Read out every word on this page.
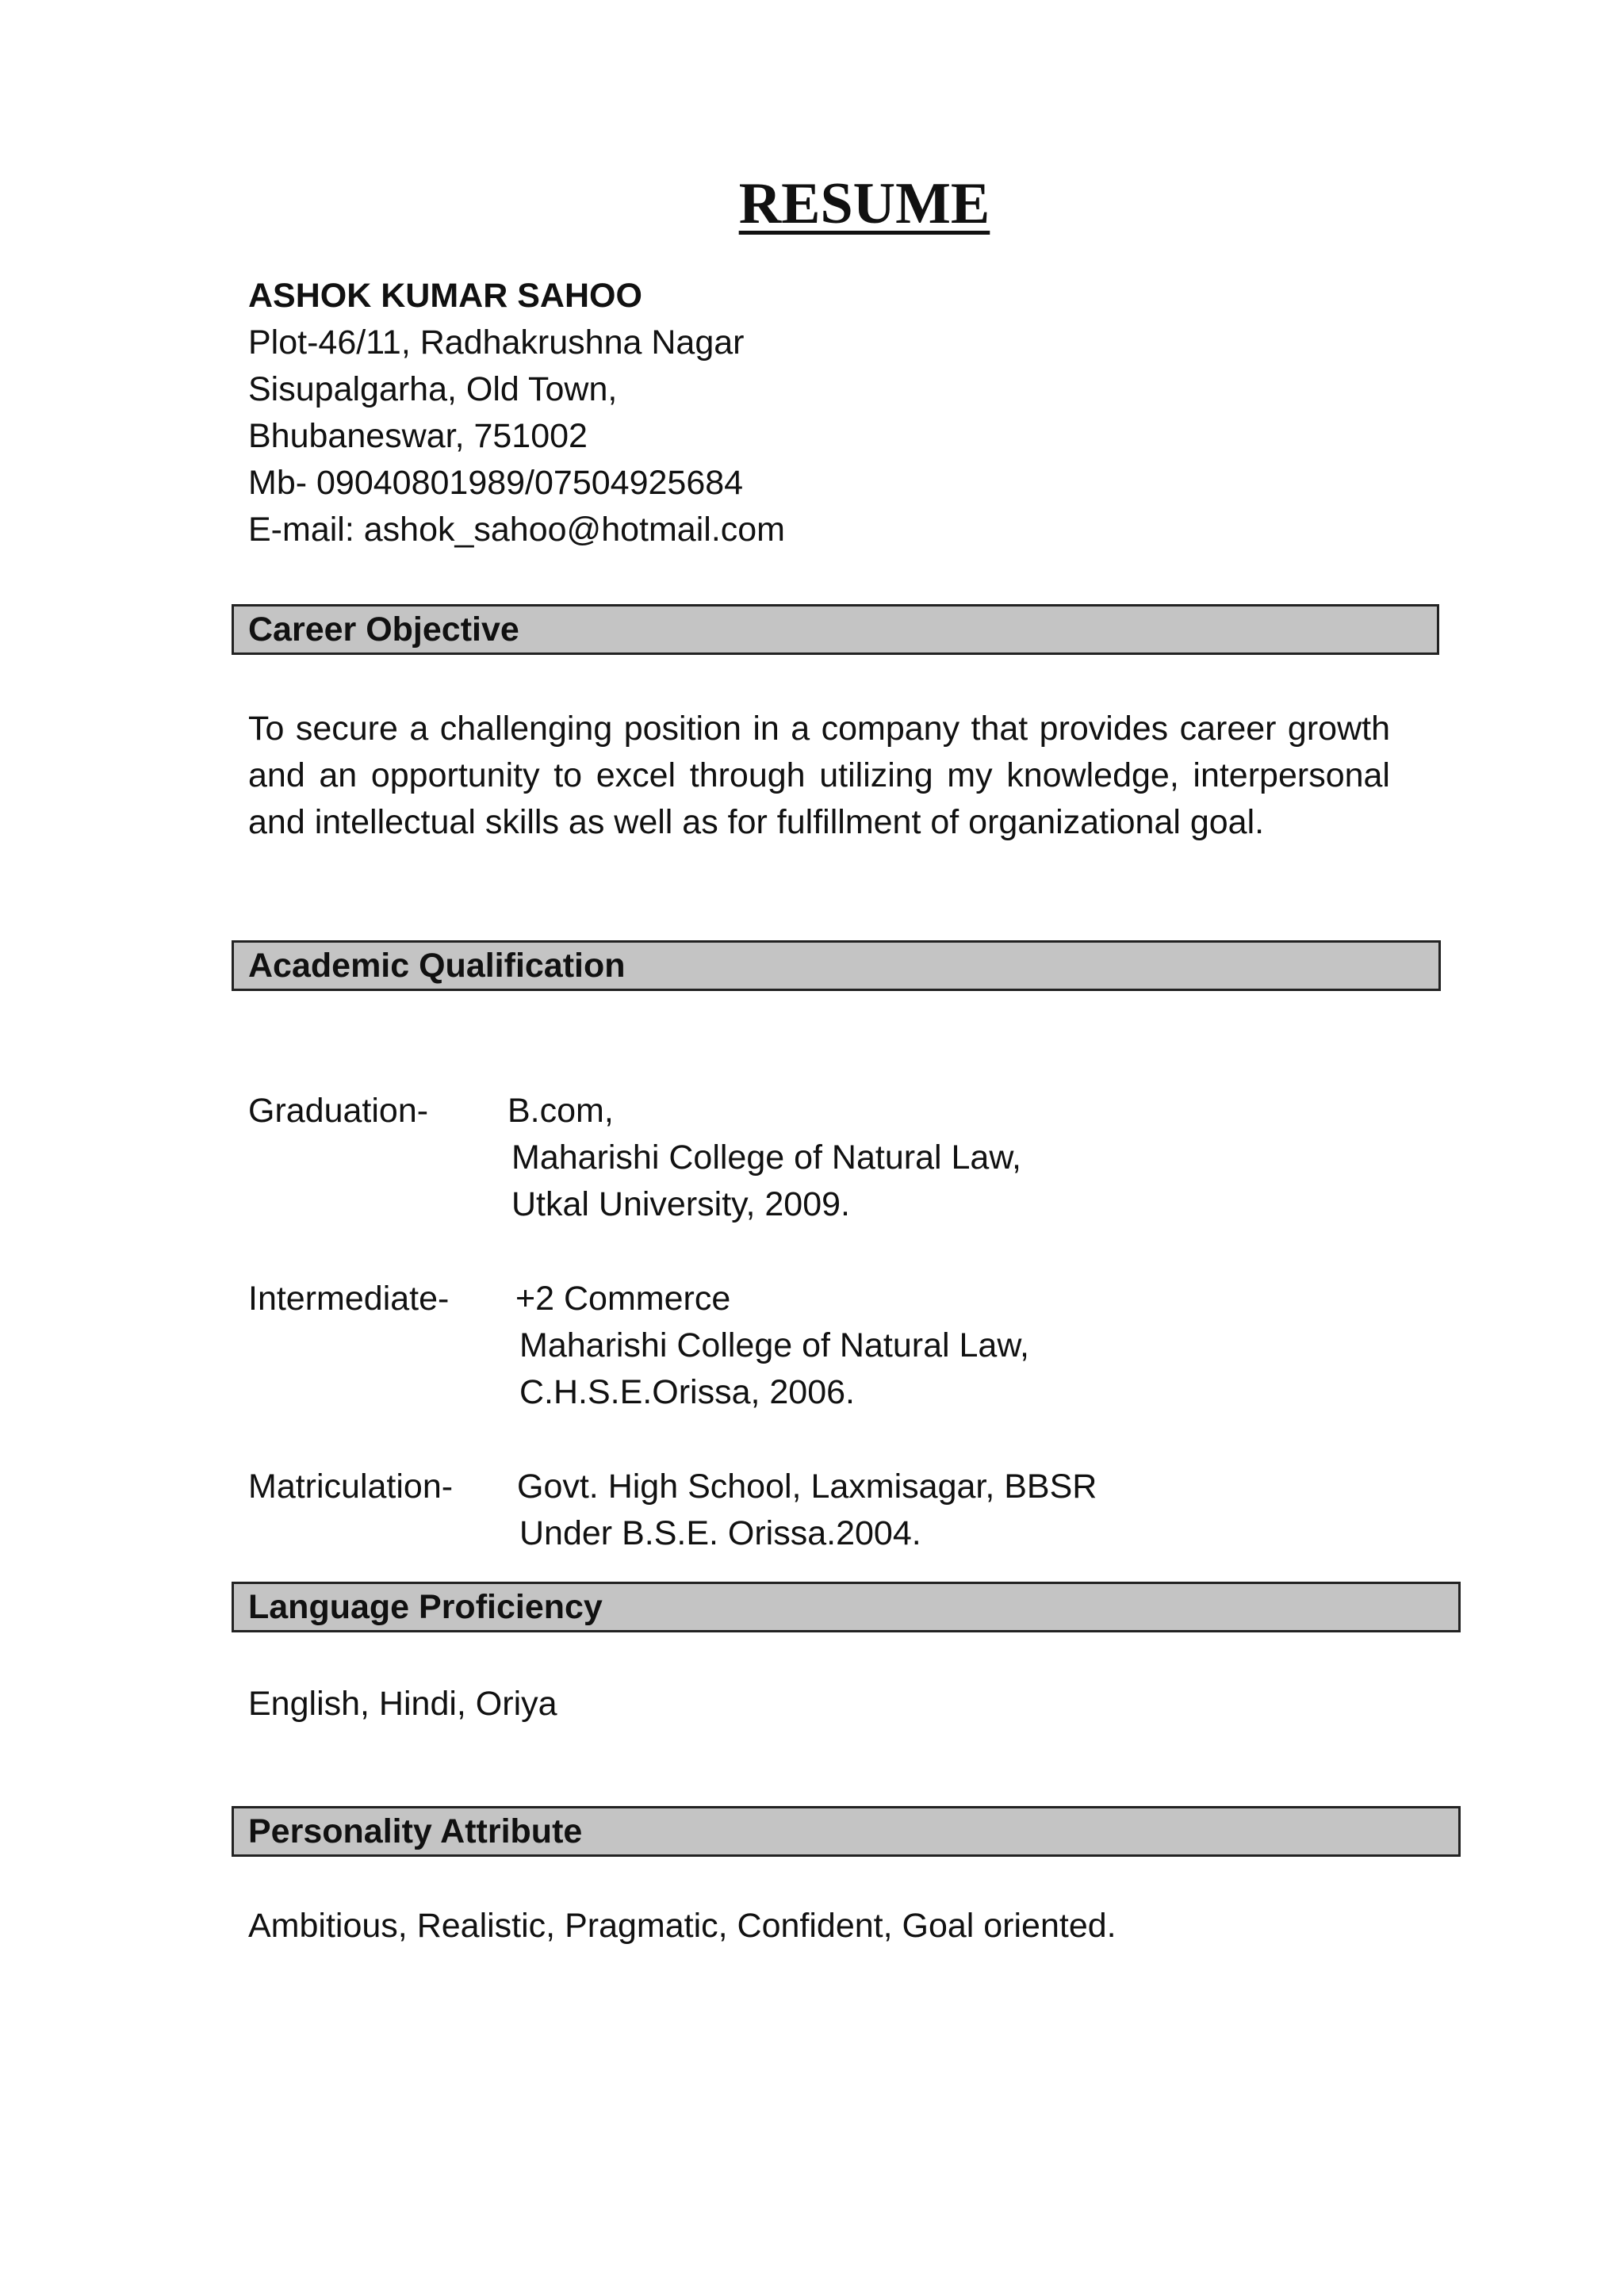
RESUME
ASHOK KUMAR SAHOO
Plot-46/11, Radhakrushna Nagar
Sisupalgarha, Old Town,
Bhubaneswar, 751002
Mb- 09040801989/07504925684
E-mail: ashok_sahoo@hotmail.com
Career Objective
To secure a challenging position in a company that provides career growth and an opportunity to excel through utilizing my knowledge, interpersonal and intellectual skills as well as for fulfillment of organizational goal.
Academic Qualification
Graduation- B.com,
Maharishi College of Natural Law,
Utkal University, 2009.
Intermediate- +2 Commerce
Maharishi College of Natural Law,
C.H.S.E.Orissa, 2006.
Matriculation- Govt. High School, Laxmisagar, BBSR
Under B.S.E. Orissa.2004.
Language Proficiency
English, Hindi, Oriya
Personality Attribute
Ambitious, Realistic, Pragmatic, Confident, Goal oriented.
